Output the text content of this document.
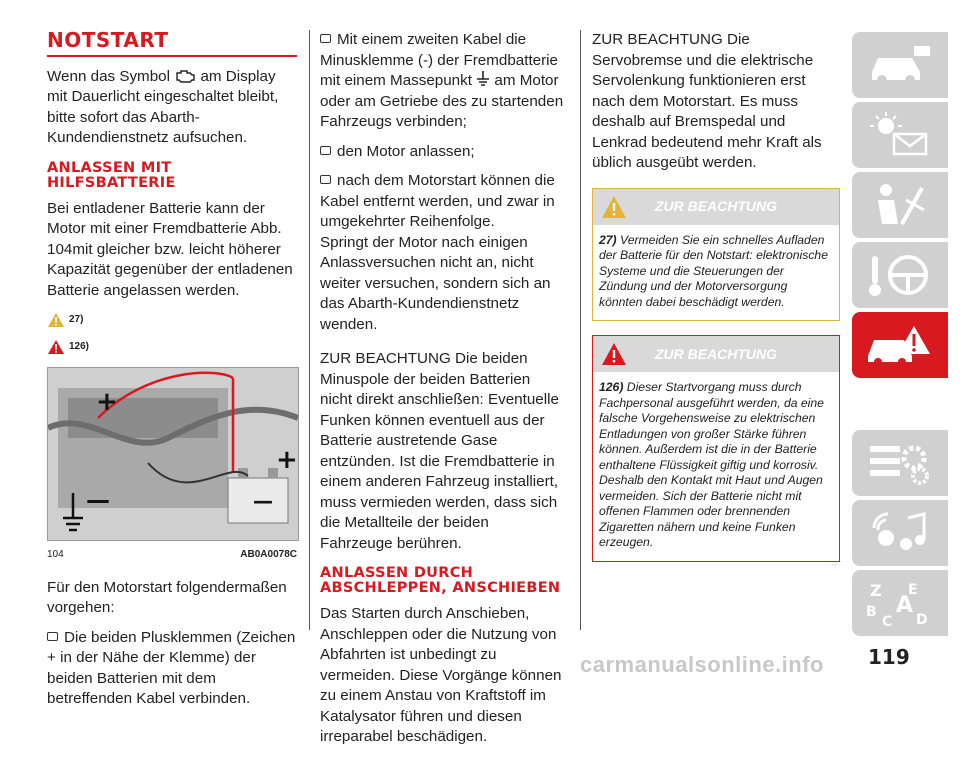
NOTSTART

Wenn das Symbol am Display mit Dauerlicht eingeschaltet bleibt, bitte sofort das Abarth-Kundendienstnetz aufsuchen.

ANLASSEN MIT HILFSBATTERIE

Bei entladener Batterie kann der Motor mit einer Fremdbatterie Abb. 104mit gleicher bzw. leicht höherer Kapazität gegenüber der entladenen Batterie angelassen werden.

27)
126)
+
+
—	—
104	AB0A0078C

Für den Motorstart folgendermaßen vorgehen:

Die beiden Plusklemmen (Zeichen + in der Nähe der Klemme) der beiden Batterien mit dem betreffenden Kabel verbinden.

Mit einem zweiten Kabel die Minusklemme (-) der Fremdbatterie mit einem Massepunkt am Motor oder am Getriebe des zu startenden Fahrzeugs verbinden;

den Motor anlassen;

nach dem Motorstart können die Kabel entfernt werden, und zwar in umgekehrter Reihenfolge.

Springt der Motor nach einigen Anlassversuchen nicht an, nicht weiter versuchen, sondern sich an das Abarth-Kundendienstnetz wenden.

ZUR BEACHTUNG Die beiden Minuspole der beiden Batterien nicht direkt anschließen: Eventuelle Funken können eventuell aus der Batterie austretende Gase entzünden. Ist die Fremdbatterie in einem anderen Fahrzeug installiert, muss vermieden werden, dass sich die Metallteile der beiden Fahrzeuge berühren.

ANLASSEN DURCH ABSCHLEPPEN, ANSCHIEBEN

Das Starten durch Anschieben, Anschleppen oder die Nutzung von Abfahrten ist unbedingt zu vermeiden. Diese Vorgänge können zu einem Anstau von Kraftstoff im Katalysator führen und diesen irreparabel beschädigen.

ZUR BEACHTUNG Die Servobremse und die elektrische Servolenkung funktionieren erst nach dem Motorstart. Es muss deshalb auf Bremspedal und Lenkrad bedeutend mehr Kraft als üblich ausgeübt werden.

ZUR BEACHTUNG
27) Vermeiden Sie ein schnelles Aufladen der Batterie für den Notstart: elektronische Systeme und die Steuerungen der Zündung und der Motorversorgung könnten dabei beschädigt werden.
ZUR BEACHTUNG
126) Dieser Startvorgang muss durch Fachpersonal ausgeführt werden, da eine falsche Vorgehensweise zu elektrischen Entladungen von großer Stärke führen können. Außerdem ist die in der Batterie enthaltene Flüssigkeit giftig und korrosiv. Deshalb den Kontakt mit Haut und Augen vermeiden. Sich der Batterie nicht mit offenen Flammen oder brennenden Zigaretten nähern und keine Funken erzeugen.
Z E
B A
C D
119
carmanualsonline.info
